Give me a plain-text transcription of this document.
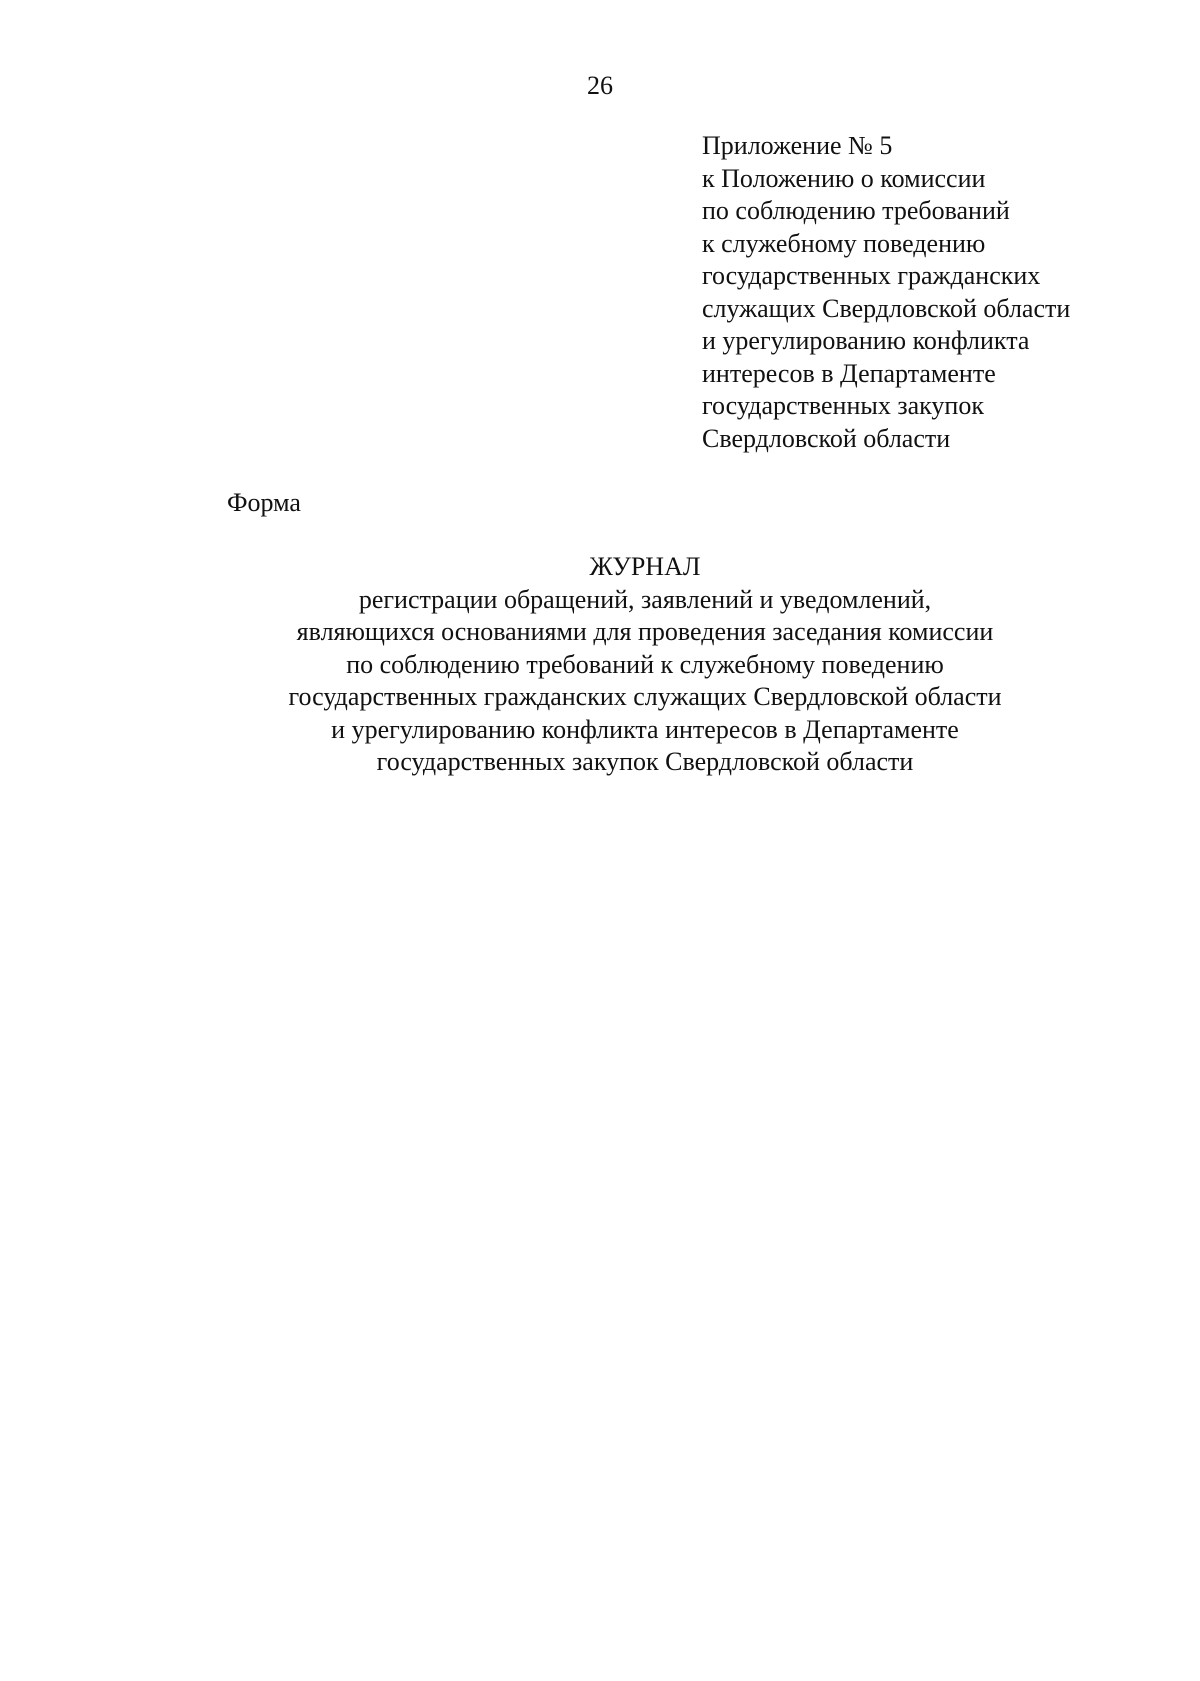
26
Приложение № 5
к Положению о комиссии
по соблюдению требований
к служебному поведению
государственных гражданских
служащих Свердловской области
и урегулированию конфликта
интересов в Департаменте
государственных закупок
Свердловской области
Форма
ЖУРНАЛ
регистрации обращений, заявлений и уведомлений,
являющихся основаниями для проведения заседания комиссии
по соблюдению требований к служебному поведению
государственных гражданских служащих Свердловской области
и урегулированию конфликта интересов в Департаменте
государственных закупок Свердловской области
